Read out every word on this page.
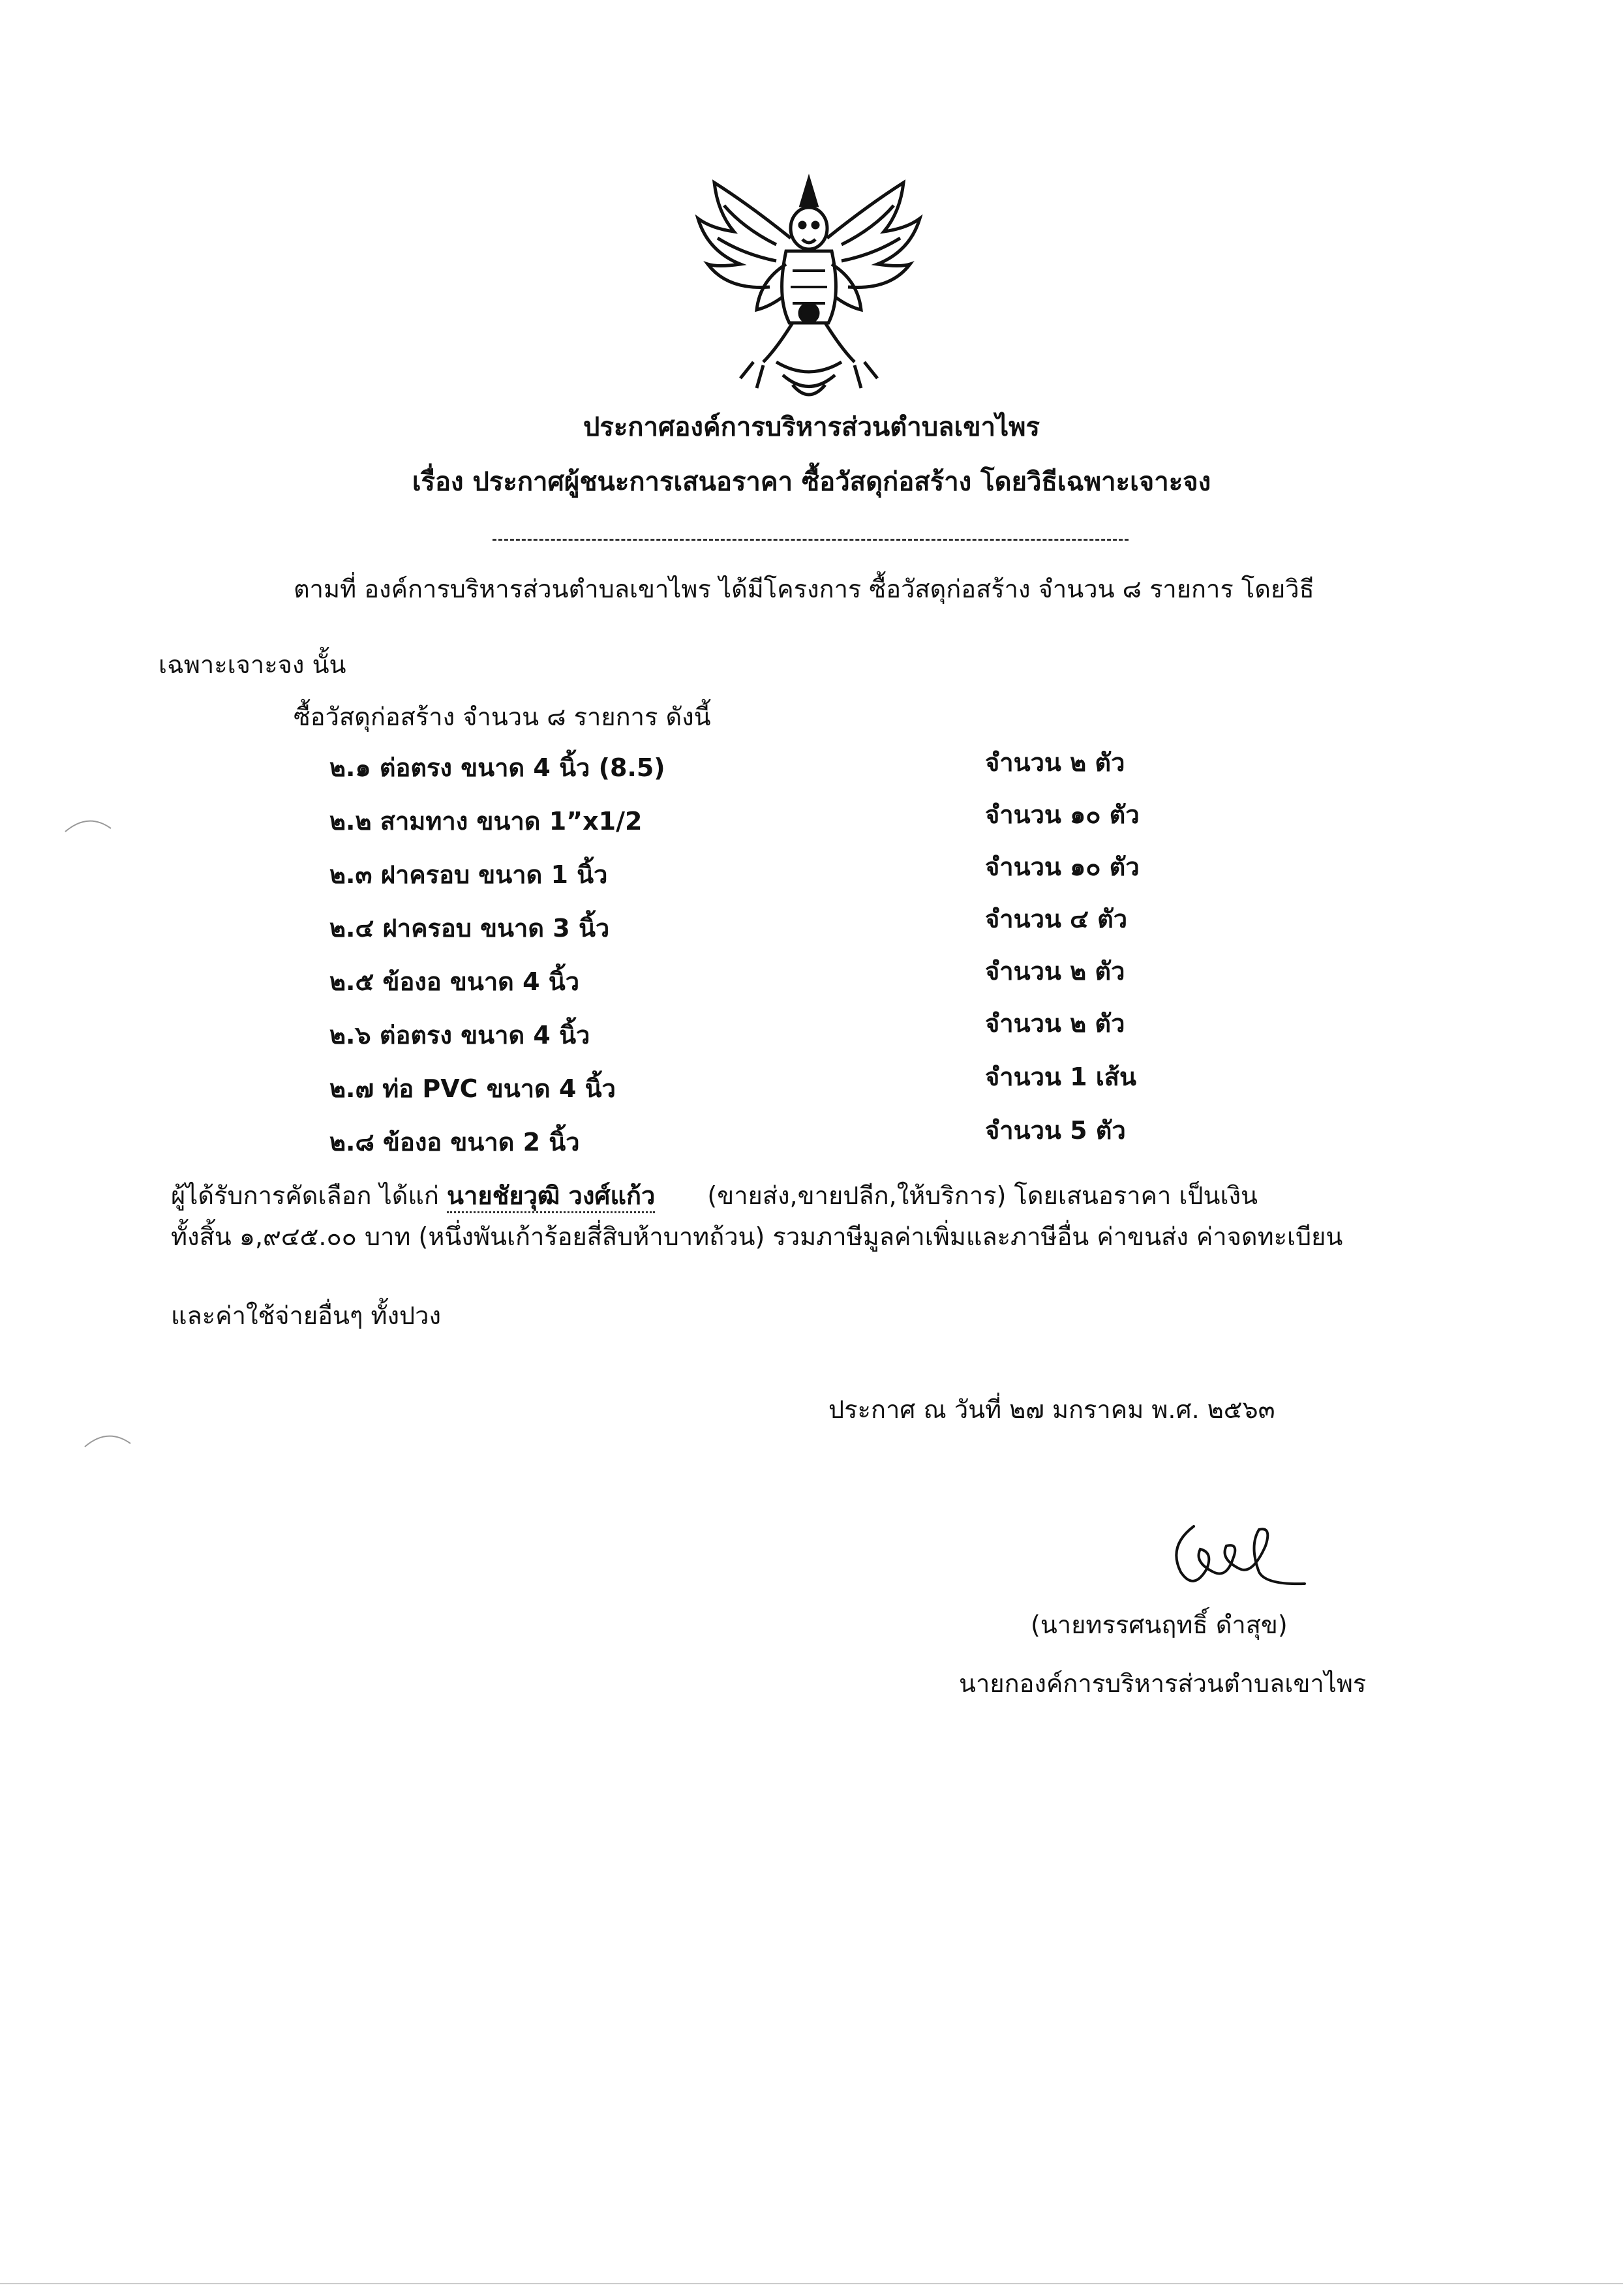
ประกาศองค์การบริหารส่วนตำบลเขาไพร
เรื่อง ประกาศผู้ชนะการเสนอราคา ซื้อวัสดุก่อสร้าง โดยวิธีเฉพาะเจาะจง
ตามที่ องค์การบริหารส่วนตำบลเขาไพร ได้มีโครงการ ซื้อวัสดุก่อสร้าง จำนวน ๘ รายการ โดยวิธี
เฉพาะเจาะจง นั้น
ซื้อวัสดุก่อสร้าง จำนวน ๘ รายการ ดังนี้
๒.๑ ต่อตรง ขนาด 4 นิ้ว (8.5)	จำนวน ๒ ตัว
๒.๒ สามทาง ขนาด 1”x1/2	จำนวน ๑๐ ตัว
๒.๓ ฝาครอบ ขนาด 1 นิ้ว	จำนวน ๑๐ ตัว
๒.๔ ฝาครอบ ขนาด 3 นิ้ว	จำนวน ๔ ตัว
๒.๕ ข้องอ ขนาด 4 นิ้ว	จำนวน ๒ ตัว
๒.๖ ต่อตรง ขนาด 4 นิ้ว	จำนวน ๒ ตัว
๒.๗ ท่อ PVC ขนาด 4 นิ้ว	จำนวน 1 เส้น
๒.๘ ข้องอ ขนาด 2 นิ้ว	จำนวน 5 ตัว
ผู้ได้รับการคัดเลือก ได้แก่ นายชัยวุฒิ วงศ์แก้ว (ขายส่ง,ขายปลีก,ให้บริการ) โดยเสนอราคา เป็นเงิน
ทั้งสิ้น ๑,๙๔๕.๐๐ บาท (หนึ่งพันเก้าร้อยสี่สิบห้าบาทถ้วน) รวมภาษีมูลค่าเพิ่มและภาษีอื่น ค่าขนส่ง ค่าจดทะเบียน
และค่าใช้จ่ายอื่นๆ ทั้งปวง
ประกาศ ณ วันที่ ๒๗ มกราคม พ.ศ. ๒๕๖๓
(นายทรรศนฤทธิ์ ดำสุข)
นายกองค์การบริหารส่วนตำบลเขาไพร
